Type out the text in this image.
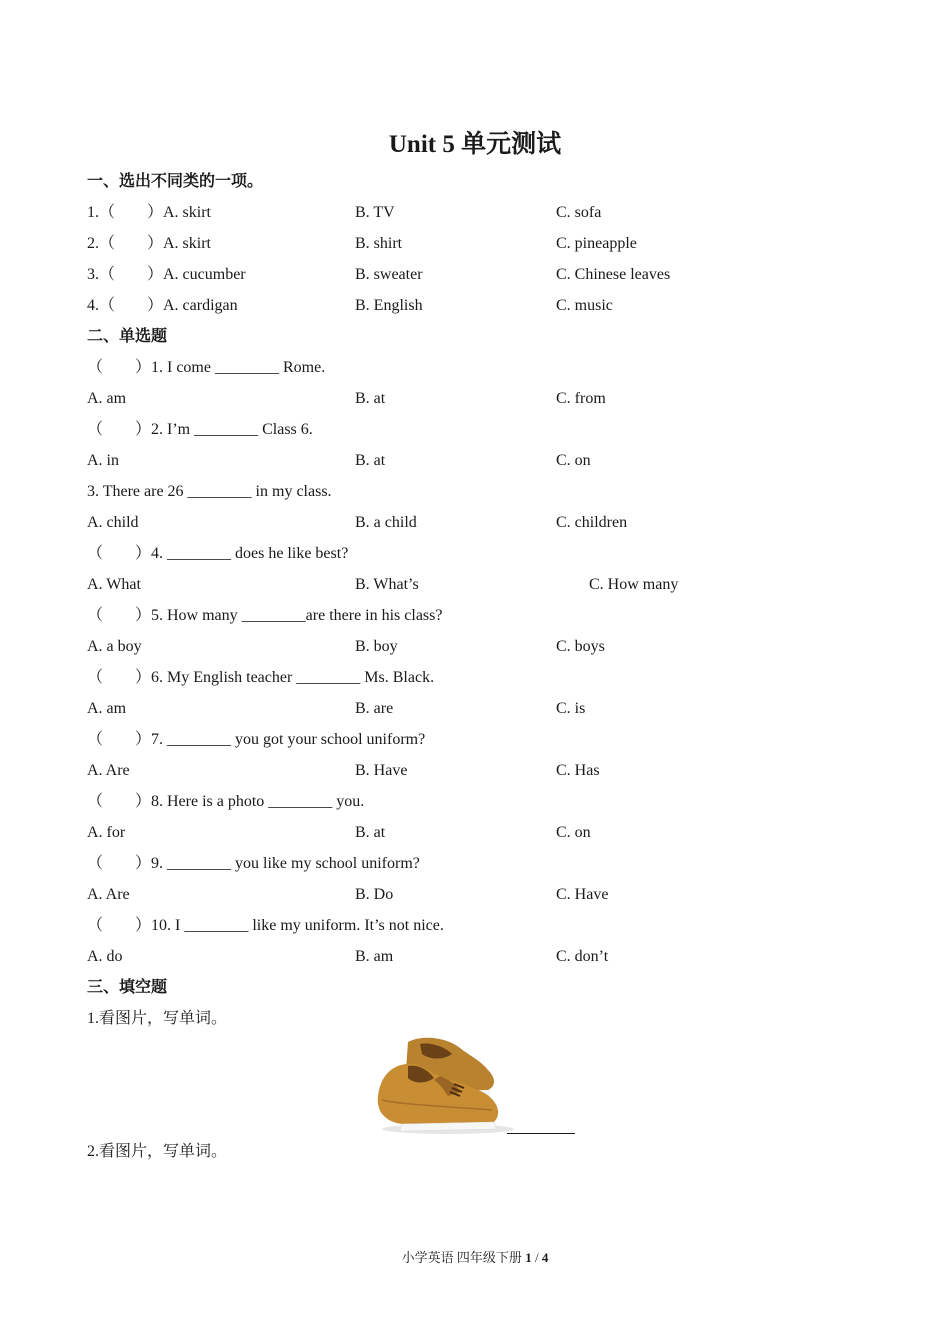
Unit 5 单元测试
一、选出不同类的一项。
1.（　　）A. skirt	B. TV	C. sofa
2.（　　）A. skirt	B. shirt	C. pineapple
3.（　　）A. cucumber	B. sweater	C. Chinese leaves
4.（　　）A. cardigan	B. English	C. music
二、单选题
（　　）1. I come ________ Rome.
A. am	B. at	C. from
（　　）2. I’m ________ Class 6.
A. in	B. at	C. on
3. There are 26 ________ in my class.
A. child	B. a child	C. children
（　　）4. ________ does he like best?
A. What	B. What’s	C. How many
（　　）5. How many ________are there in his class?
A. a boy	B. boy	C. boys
（　　）6. My English teacher ________ Ms. Black.
A. am	B. are	C. is
（　　）7. ________ you got your school uniform?
A. Are	B. Have	C. Has
（　　）8. Here is a photo ________ you.
A. for	B. at	C. on
（　　）9. ________ you like my school uniform?
A. Are	B. Do	C. Have
（　　）10. I ________ like my uniform. It’s not nice.
A. do	B. am	C. don’t
三、填空题
1.看图片，写单词。
2.看图片，写单词。
小学英语 四年级下册 1 / 4
